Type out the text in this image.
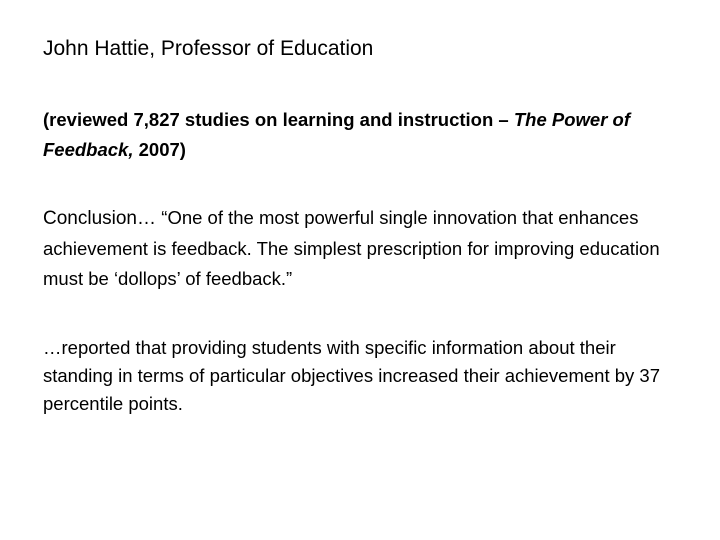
John Hattie, Professor of Education
(reviewed 7,827 studies on learning and instruction – The Power of Feedback, 2007)
Conclusion… “One of the most powerful single innovation that enhances achievement is feedback. The simplest prescription for improving education must be ‘dollops’ of feedback.”
…reported that providing students with specific information about their standing in terms of particular objectives increased their achievement by 37 percentile points.
